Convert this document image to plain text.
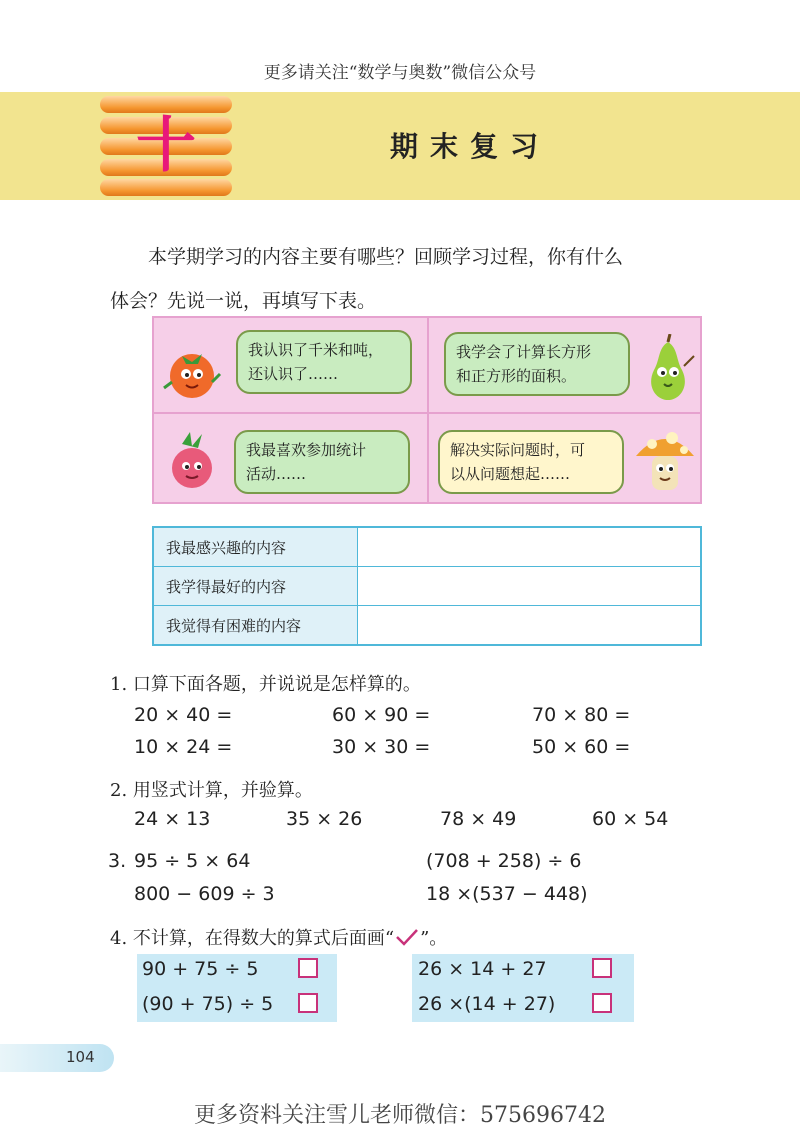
更多请关注“数学与奥数”微信公众号
十	期末复习
本学期学习的内容主要有哪些？回顾学习过程，你有什么
体会？先说一说，再填写下表。
我认识了千米和吨，
还认识了……
我学会了计算长方形
和正方形的面积。
我最喜欢参加统计
活动……
解决实际问题时，可
以从问题想起……
我最感兴趣的内容	
我学得最好的内容	
我觉得有困难的内容	
1. 口算下面各题，并说说是怎样算的。
20 × 40 =	60 × 90 =	70 × 80 =
10 × 24 =	30 × 30 =	50 × 60 =
2. 用竖式计算，并验算。
24 × 13	35 × 26	78 × 49	60 × 54
3. 95 ÷ 5 × 64	(708 + 258) ÷ 6
800 − 609 ÷ 3	18 ×(537 − 448)
4. 不计算，在得数大的算式后面画“ ”。
90 + 75 ÷ 5
(90 + 75) ÷ 5
26 × 14 + 27
26 ×(14 + 27)
104
更多资料关注雪儿老师微信：575696742
